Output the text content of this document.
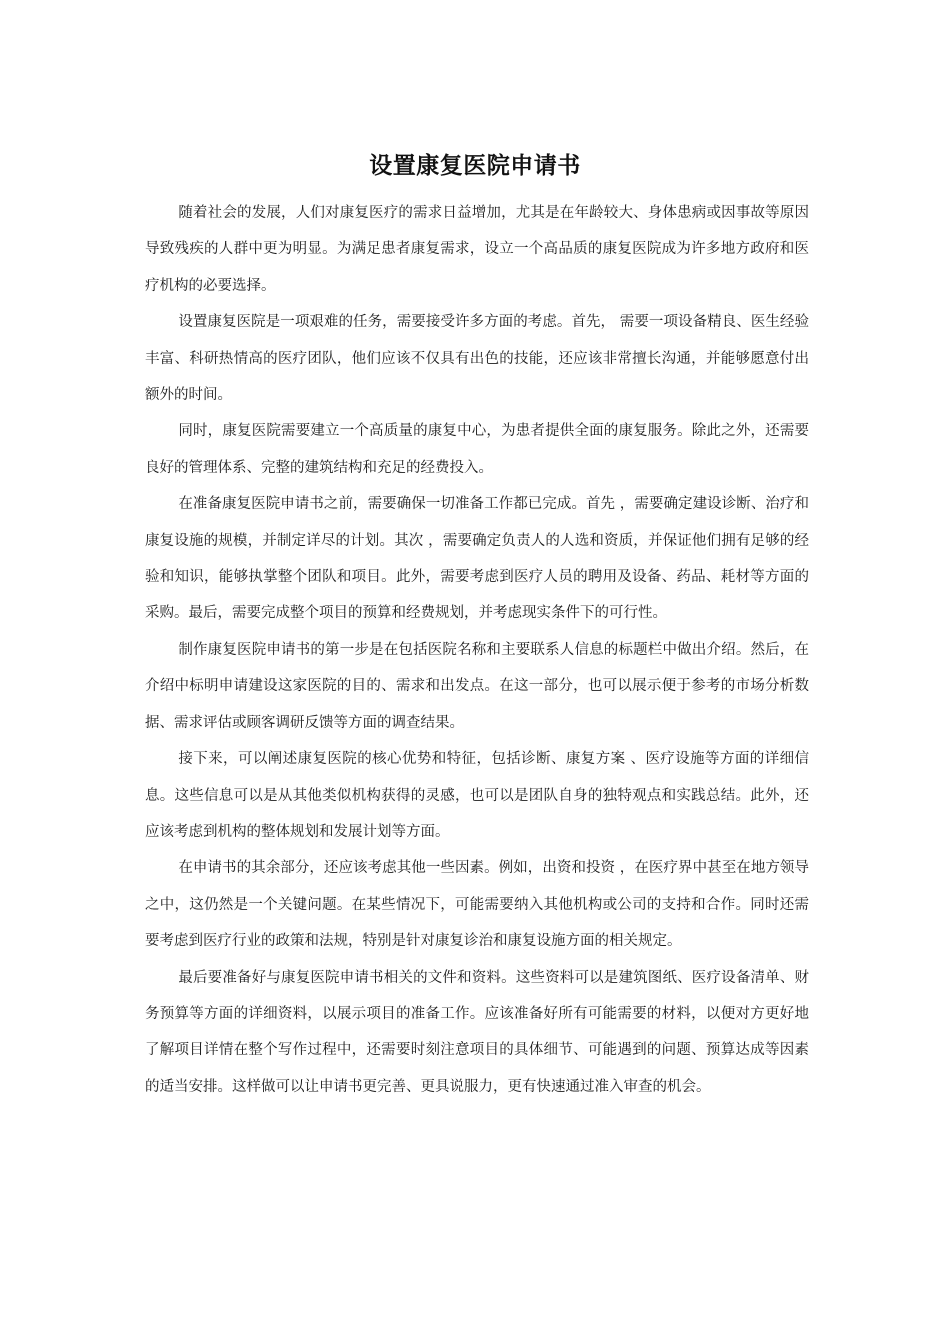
设置康复医院申请书

随着社会的发展，人们对康复医疗的需求日益增加，尤其是在年龄较大、身体患病或因事故等原因导致残疾的人群中更为明显。为满足患者康复需求，设立一个高品质的康复医院成为许多地方政府和医疗机构的必要选择。

设置康复医院是一项艰难的任务，需要接受许多方面的考虑。首先， 需要一项设备精良、医生经验丰富、科研热情高的医疗团队，他们应该不仅具有出色的技能，还应该非常擅长沟通，并能够愿意付出额外的时间。

同时，康复医院需要建立一个高质量的康复中心，为患者提供全面的康复服务。除此之外，还需要良好的管理体系、完整的建筑结构和充足的经费投入。

在准备康复医院申请书之前，需要确保一切准备工作都已完成。首先 ，需要确定建设诊断、治疗和康复设施的规模，并制定详尽的计划。其次 ，需要确定负责人的人选和资质，并保证他们拥有足够的经验和知识，能够执掌整个团队和项目。此外，需要考虑到医疗人员的聘用及设备、药品、耗材等方面的采购。最后，需要完成整个项目的预算和经费规划，并考虑现实条件下的可行性。

制作康复医院申请书的第一步是在包括医院名称和主要联系人信息的标题栏中做出介绍。然后，在介绍中标明申请建设这家医院的目的、需求和出发点。在这一部分，也可以展示便于参考的市场分析数据、需求评估或顾客调研反馈等方面的调查结果。

接下来，可以阐述康复医院的核心优势和特征，包括诊断、康复方案 、医疗设施等方面的详细信息。这些信息可以是从其他类似机构获得的灵感，也可以是团队自身的独特观点和实践总结。此外，还应该考虑到机构的整体规划和发展计划等方面。

在申请书的其余部分，还应该考虑其他一些因素。例如，出资和投资 ，在医疗界中甚至在地方领导之中，这仍然是一个关键问题。在某些情况下，可能需要纳入其他机构或公司的支持和合作。同时还需要考虑到医疗行业的政策和法规，特别是针对康复诊治和康复设施方面的相关规定。

最后要准备好与康复医院申请书相关的文件和资料。这些资料可以是建筑图纸、医疗设备清单、财务预算等方面的详细资料，以展示项目的准备工作。应该准备好所有可能需要的材料，以便对方更好地了解项目详情在整个写作过程中，还需要时刻注意项目的具体细节、可能遇到的问题、预算达成等因素的适当安排。这样做可以让申请书更完善、更具说服力，更有快速通过准入审查的机会。
